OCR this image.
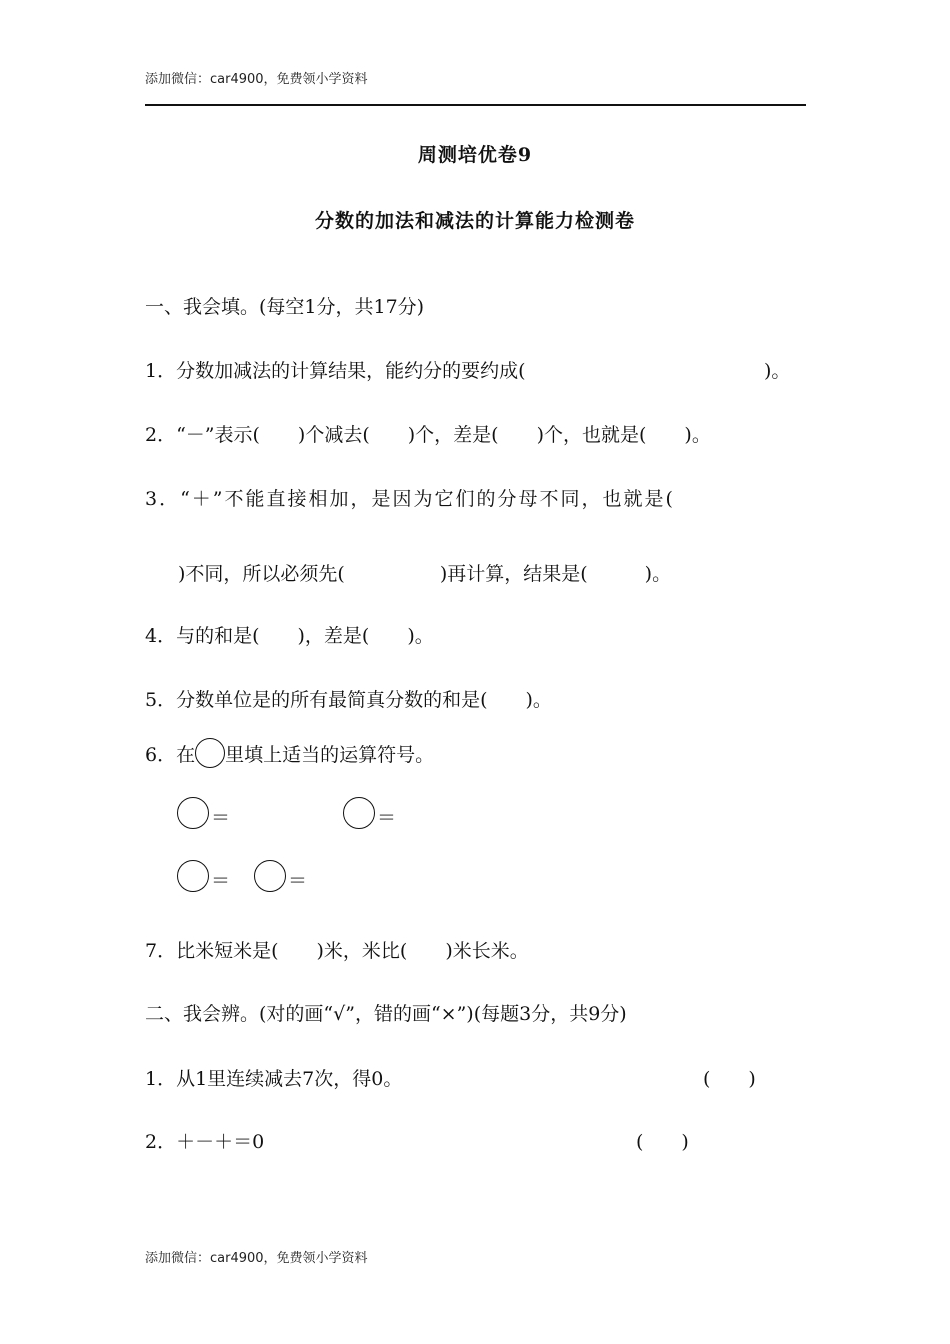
添加微信：car4900，免费领小学资料
周测培优卷9
分数的加法和减法的计算能力检测卷
一、我会填。(每空1分，共17分)
1．分数加减法的计算结果，能约分的要约成(	)。
2．“－”表示(　　)个减去(　　)个，差是(　　)个，也就是(　　)。
3．“＋”不能直接相加，是因为它们的分母不同，也就是(
)不同，所以必须先(　　　　　)再计算，结果是(　　　)。
4．与的和是(　　)，差是(　　)。
5．分数单位是的所有最简真分数的和是(　　)。
6． 在 里填上适当的运算符号。
＝	＝
＝	＝
7．比米短米是(　　)米，米比(　　)米长米。
二、我会辨。(对的画“√”，错的画“×”)(每题3分，共9分)
1．从1里连续减去7次，得0。	(　　)
2．＋－＋＝0	(　　)
添加微信：car4900，免费领小学资料
